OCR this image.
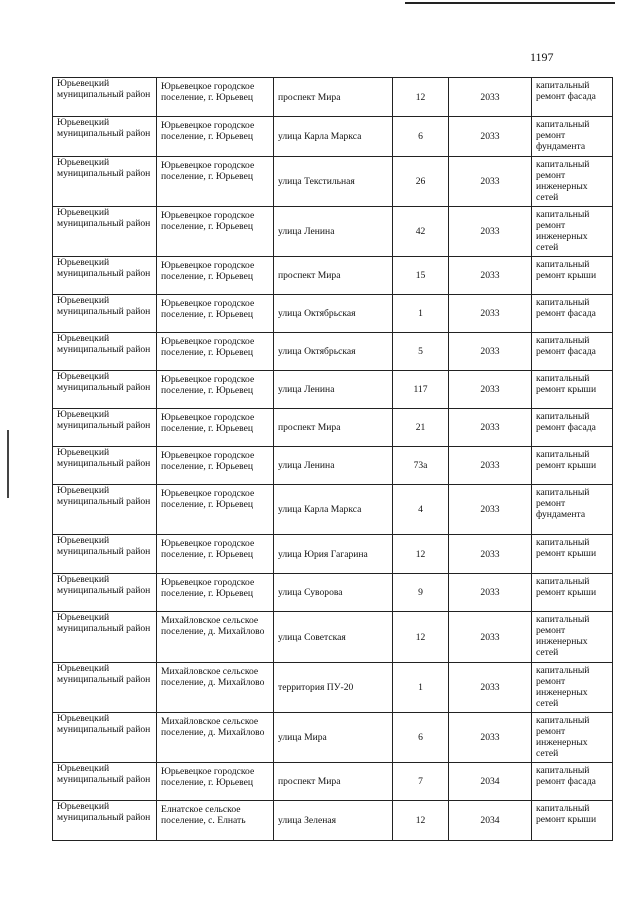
1197
Юрьевецкий муниципальный район	Юрьевецкое городское поселение, г. Юрьевец	проспект Мира	12	2033	капитальный ремонт фасада
Юрьевецкий муниципальный район	Юрьевецкое городское поселение, г. Юрьевец	улица Карла Маркса	6	2033	капитальный ремонт фундамента
Юрьевецкий муниципальный район	Юрьевецкое городское поселение, г. Юрьевец	улица Текстильная	26	2033	капитальный ремонт инженерных сетей
Юрьевецкий муниципальный район	Юрьевецкое городское поселение, г. Юрьевец	улица Ленина	42	2033	капитальный ремонт инженерных сетей
Юрьевецкий муниципальный район	Юрьевецкое городское поселение, г. Юрьевец	проспект Мира	15	2033	капитальный ремонт крыши
Юрьевецкий муниципальный район	Юрьевецкое городское поселение, г. Юрьевец	улица Октябрьская	1	2033	капитальный ремонт фасада
Юрьевецкий муниципальный район	Юрьевецкое городское поселение, г. Юрьевец	улица Октябрьская	5	2033	капитальный ремонт фасада
Юрьевецкий муниципальный район	Юрьевецкое городское поселение, г. Юрьевец	улица Ленина	117	2033	капитальный ремонт крыши
Юрьевецкий муниципальный район	Юрьевецкое городское поселение, г. Юрьевец	проспект Мира	21	2033	капитальный ремонт фасада
Юрьевецкий муниципальный район	Юрьевецкое городское поселение, г. Юрьевец	улица Ленина	73а	2033	капитальный ремонт крыши
Юрьевецкий муниципальный район	Юрьевецкое городское поселение, г. Юрьевец	улица Карла Маркса	4	2033	капитальный ремонт фундамента
Юрьевецкий муниципальный район	Юрьевецкое городское поселение, г. Юрьевец	улица Юрия Гагарина	12	2033	капитальный ремонт крыши
Юрьевецкий муниципальный район	Юрьевецкое городское поселение, г. Юрьевец	улица Суворова	9	2033	капитальный ремонт крыши
Юрьевецкий муниципальный район	Михайловское сельское поселение, д. Михайлово	улица Советская	12	2033	капитальный ремонт инженерных сетей
Юрьевецкий муниципальный район	Михайловское сельское поселение, д. Михайлово	территория ПУ-20	1	2033	капитальный ремонт инженерных сетей
Юрьевецкий муниципальный район	Михайловское сельское поселение, д. Михайлово	улица Мира	6	2033	капитальный ремонт инженерных сетей
Юрьевецкий муниципальный район	Юрьевецкое городское поселение, г. Юрьевец	проспект Мира	7	2034	капитальный ремонт фасада
Юрьевецкий муниципальный район	Елнатское сельское поселение, с. Елнать	улица Зеленая	12	2034	капитальный ремонт крыши
